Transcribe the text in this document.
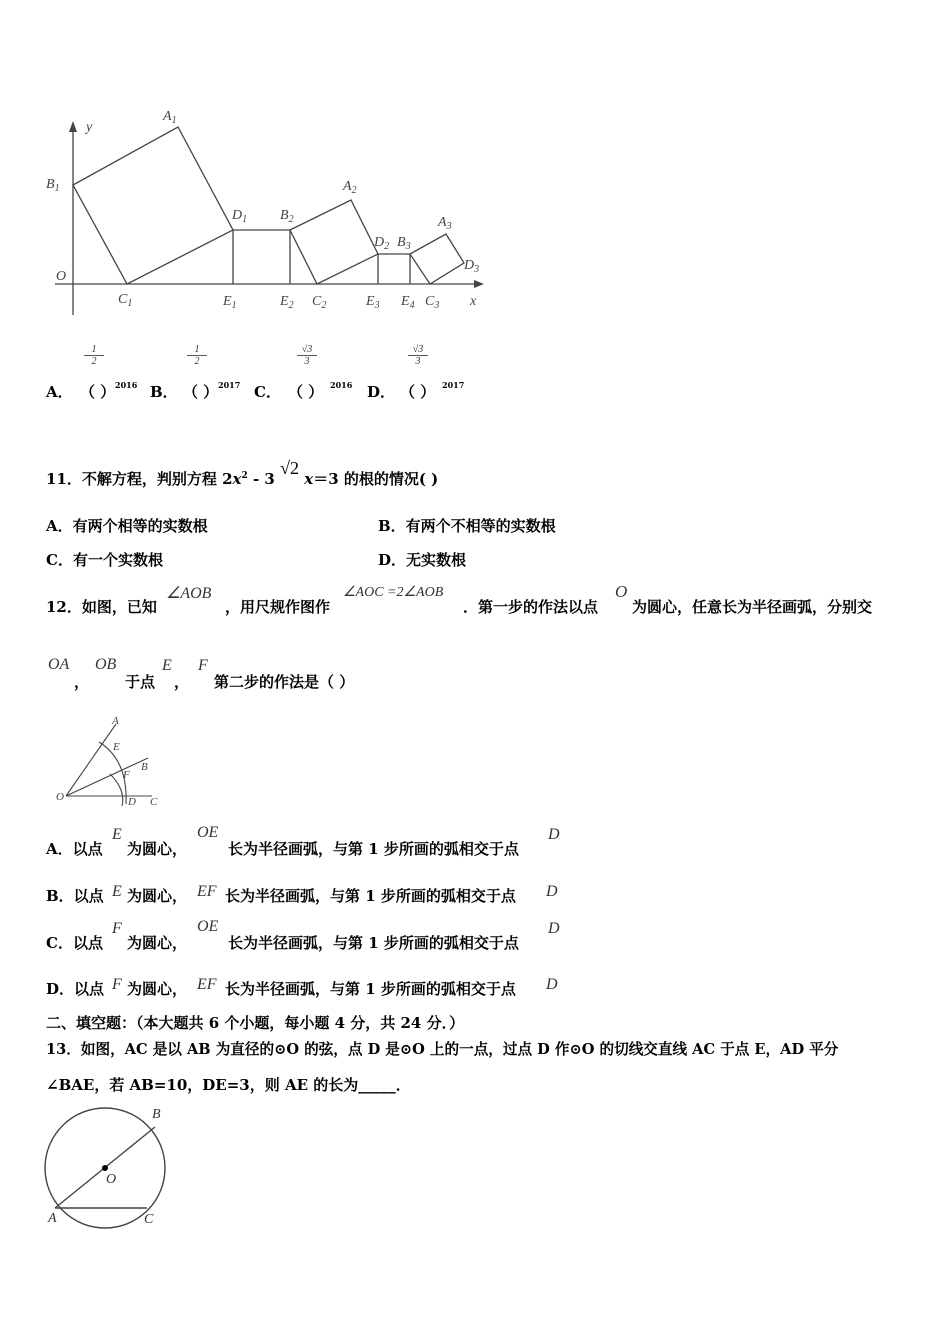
y
x
O
$A_1$
$B_1$
$C_1$
$D_1$
$E_1$
$B_2$
$E_2$ $C_2$
$A_2$
$D_2$ $B_3$
$E_3$ $E_4$ $C_3$
$A_3$
$D_3$
$\frac{1}{2}$
A． （ ） 2016
$\frac{1}{2}$
B． （ ） 2017
$\frac{√3}{3}$
C． （ ） 2016
$\frac{√3}{3}$
D． （ ） 2017
11．不解方程，判别方程 $2x^2 - 3$ √2 x＝3 的根的情况( )
A．有两个相等的实数根	B．有两个不相等的实数根
C．有一个实数根	D．无实数根
12．如图，已知
∠AOB
，用尺规作图作
∠AOC =2∠AOB
．第一步的作法以点
O
为圆心，任意长为半径画弧，分别交
OA
，
OB
于点
E
，
F
第二步的作法是（ ）
A
E
B
F
O	D C
A．以点
E
为圆心，
OE
长为半径画弧，与第 1 步所画的弧相交于点
D
B．以点 E 为圆心， EF 长为半径画弧，与第 1 步所画的弧相交于点 D
C．以点
F
为圆心，
OE
长为半径画弧，与第 1 步所画的弧相交于点
D
D．以点 F 为圆心， EF 长为半径画弧，与第 1 步所画的弧相交于点 D
二、填空题：（本大题共 6 个小题，每小题 4 分，共 24 分．）
13．如图，AC 是以 AB 为直径的⊙O 的弦，点 D 是⊙O 上的一点，过点 D 作⊙O 的切线交直线 AC 于点 E，AD 平分
∠BAE，若 AB=10，DE=3，则 AE 的长为_____．
B
O
A	C
